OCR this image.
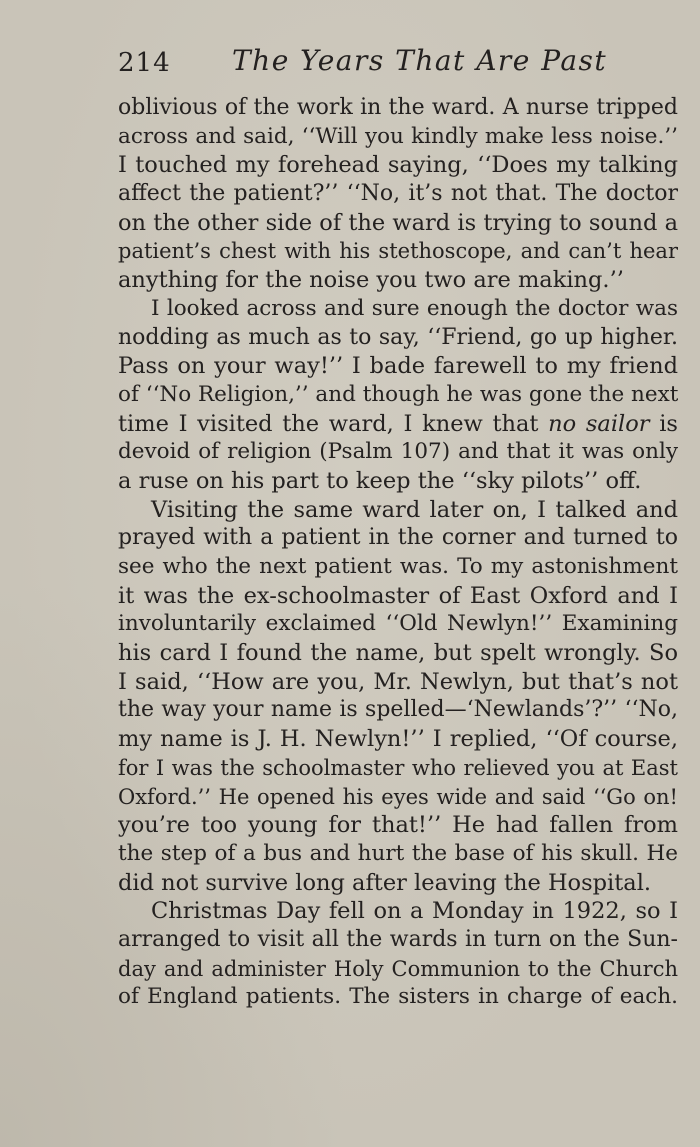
214 The Years That Are Past
oblivious of the work in the ward. A nurse tripped
across and said, ‘‘Will you kindly make less noise.’’
I touched my forehead saying, ‘‘Does my talking
affect the patient?’’ ‘‘No, it’s not that. The doctor
on the other side of the ward is trying to sound a
patient’s chest with his stethoscope, and can’t hear
anything for the noise you two are making.’’
I looked across and sure enough the doctor was
nodding as much as to say, ‘‘Friend, go up higher.
Pass on your way!’’ I bade farewell to my friend
of ‘‘No Religion,’’ and though he was gone the next
time I visited the ward, I knew that no sailor is
devoid of religion (Psalm 107) and that it was only
a ruse on his part to keep the ‘‘sky pilots’’ off.
Visiting the same ward later on, I talked and
prayed with a patient in the corner and turned to
see who the next patient was. To my astonishment
it was the ex-schoolmaster of East Oxford and I
involuntarily exclaimed ‘‘Old Newlyn!’’ Examining
his card I found the name, but spelt wrongly. So
I said, ‘‘How are you, Mr. Newlyn, but that’s not
the way your name is spelled—‘Newlands’?’’ ‘‘No,
my name is J. H. Newlyn!’’ I replied, ‘‘Of course,
for I was the schoolmaster who relieved you at East
Oxford.’’ He opened his eyes wide and said ‘‘Go on!
you’re too young for that!’’ He had fallen from
the step of a bus and hurt the base of his skull. He
did not survive long after leaving the Hospital.
Christmas Day fell on a Monday in 1922, so I
arranged to visit all the wards in turn on the Sun-
day and administer Holy Communion to the Church
of England patients. The sisters in charge of each.
